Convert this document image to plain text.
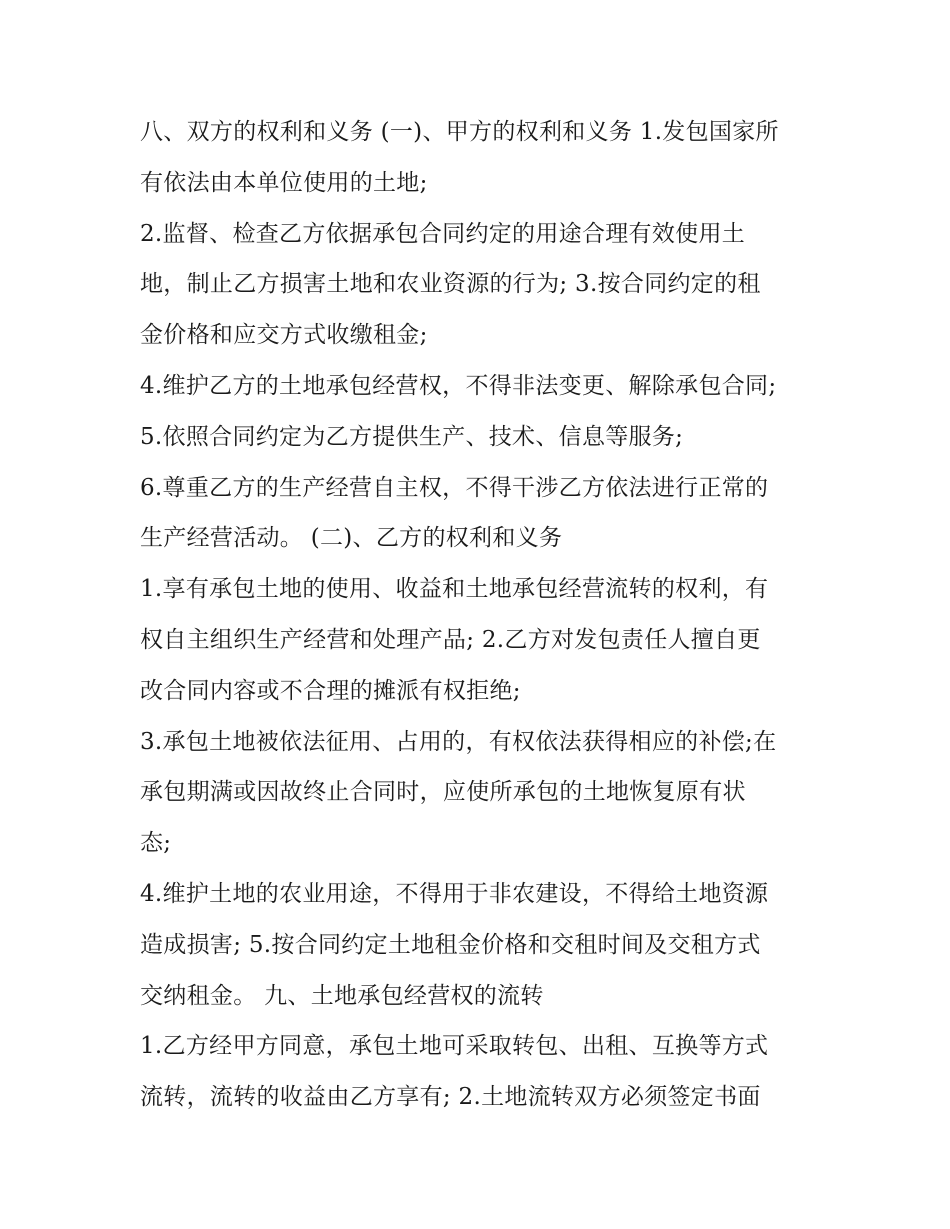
八、双方的权利和义务 (一)、甲方的权利和义务 1.发包国家所
有依法由本单位使用的土地;
2.监督、检查乙方依据承包合同约定的用途合理有效使用土
地，制止乙方损害土地和农业资源的行为; 3.按合同约定的租
金价格和应交方式收缴租金;
4.维护乙方的土地承包经营权，不得非法变更、解除承包合同;
5.依照合同约定为乙方提供生产、技术、信息等服务;
6.尊重乙方的生产经营自主权，不得干涉乙方依法进行正常的
生产经营活动。 (二)、乙方的权利和义务
1.享有承包土地的使用、收益和土地承包经营流转的权利，有
权自主组织生产经营和处理产品; 2.乙方对发包责任人擅自更
改合同内容或不合理的摊派有权拒绝;
3.承包土地被依法征用、占用的，有权依法获得相应的补偿;在
承包期满或因故终止合同时，应使所承包的土地恢复原有状
态;
4.维护土地的农业用途，不得用于非农建设，不得给土地资源
造成损害; 5.按合同约定土地租金价格和交租时间及交租方式
交纳租金。 九、土地承包经营权的流转
1.乙方经甲方同意，承包土地可采取转包、出租、互换等方式
流转，流转的收益由乙方享有; 2.土地流转双方必须签定书面
